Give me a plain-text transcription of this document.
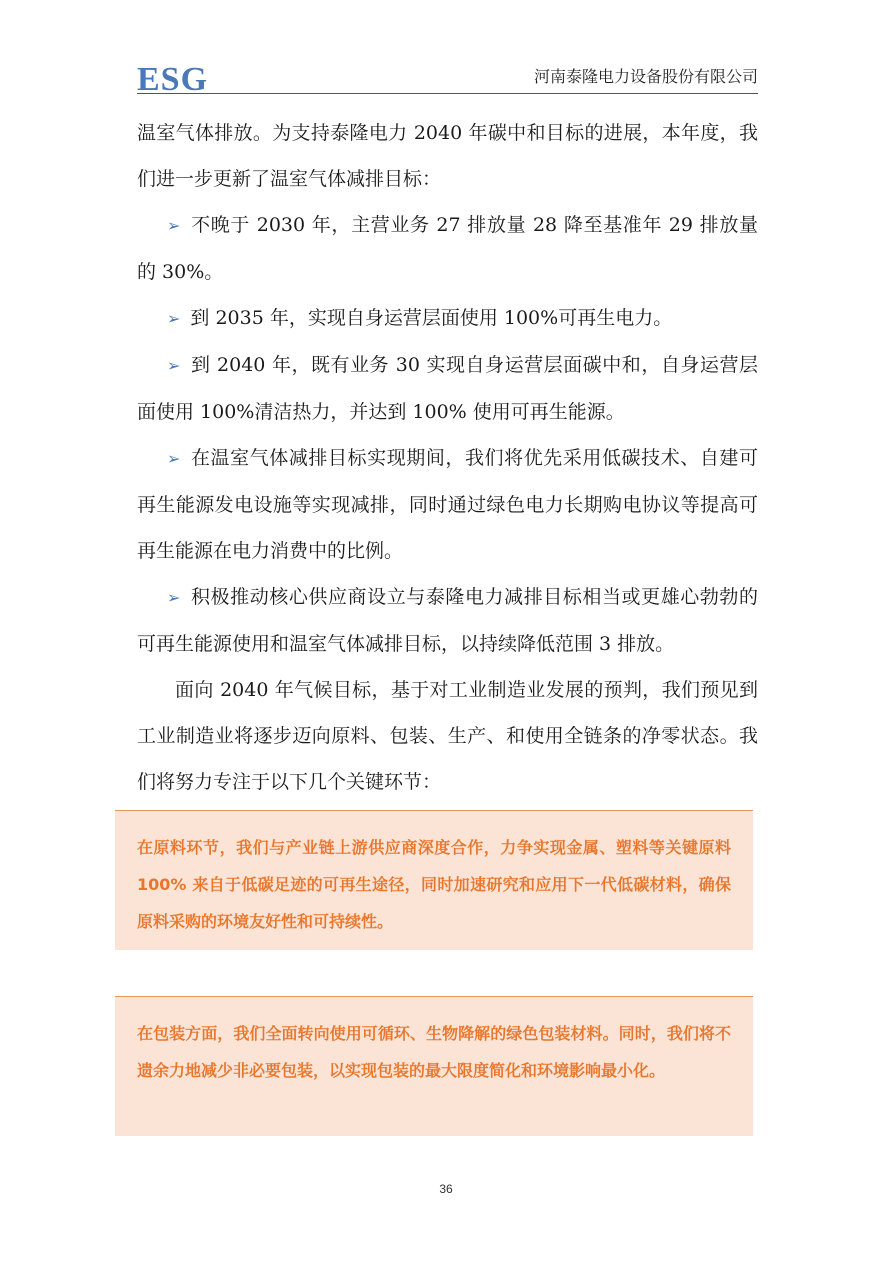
ESG	河南泰隆电力设备股份有限公司

温室气体排放。为支持泰隆电力 2040 年碳中和目标的进展，本年度，我们进一步更新了温室气体减排目标：

➢ 不晚于 2030 年，主营业务 27 排放量 28 降至基准年 29 排放量的 30%。

➢ 到 2035 年，实现自身运营层面使用 100%可再生电力。

➢ 到 2040 年，既有业务 30 实现自身运营层面碳中和，自身运营层面使用 100%清洁热力，并达到 100% 使用可再生能源。

➢ 在温室气体减排目标实现期间，我们将优先采用低碳技术、自建可再生能源发电设施等实现减排，同时通过绿色电力长期购电协议等提高可再生能源在电力消费中的比例。

➢ 积极推动核心供应商设立与泰隆电力减排目标相当或更雄心勃勃的可再生能源使用和温室气体减排目标，以持续降低范围 3 排放。

面向 2040 年气候目标，基于对工业制造业发展的预判，我们预见到工业制造业将逐步迈向原料、包装、生产、和使用全链条的净零状态。我们将努力专注于以下几个关键环节：

在原料环节，我们与产业链上游供应商深度合作，力争实现金属、塑料等关键原料 100% 来自于低碳足迹的可再生途径，同时加速研究和应用下一代低碳材料，确保原料采购的环境友好性和可持续性。

在包装方面，我们全面转向使用可循环、生物降解的绿色包装材料。同时，我们将不遗余力地减少非必要包装，以实现包装的最大限度简化和环境影响最小化。

36
